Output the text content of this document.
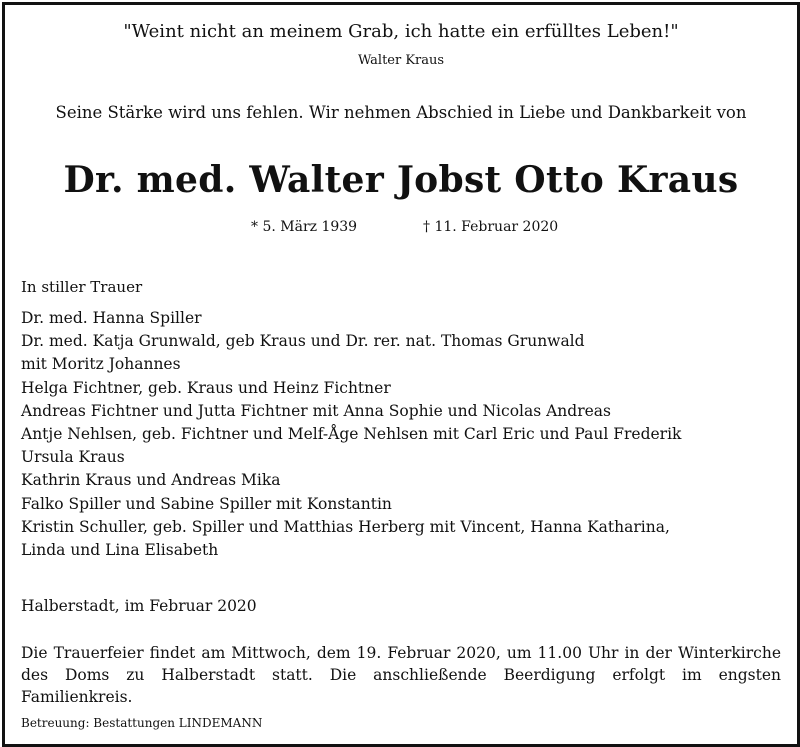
"Weint nicht an meinem Grab, ich hatte ein erfülltes Leben!"
Walter Kraus
Seine Stärke wird uns fehlen. Wir nehmen Abschied in Liebe und Dankbarkeit von
Dr. med. Walter Jobst Otto Kraus
* 5. März 1939	† 11. Februar 2020
In stiller Trauer
Dr. med. Hanna Spiller
Dr. med. Katja Grunwald, geb Kraus und Dr. rer. nat. Thomas Grunwald
mit Moritz Johannes
Helga Fichtner, geb. Kraus und Heinz Fichtner
Andreas Fichtner und Jutta Fichtner mit Anna Sophie und Nicolas Andreas
Antje Nehlsen, geb. Fichtner und Melf-Åge Nehlsen mit Carl Eric und Paul Frederik
Ursula Kraus
Kathrin Kraus und Andreas Mika
Falko Spiller und Sabine Spiller mit Konstantin
Kristin Schuller, geb. Spiller und Matthias Herberg mit Vincent, Hanna Katharina,
Linda und Lina Elisabeth
Halberstadt, im Februar 2020
Die Trauerfeier findet am Mittwoch, dem 19. Februar 2020, um 11.00 Uhr in der Winterkirche
des Doms zu Halberstadt statt. Die anschließende Beerdigung erfolgt im engsten
Familienkreis.
Betreuung: Bestattungen LINDEMANN
